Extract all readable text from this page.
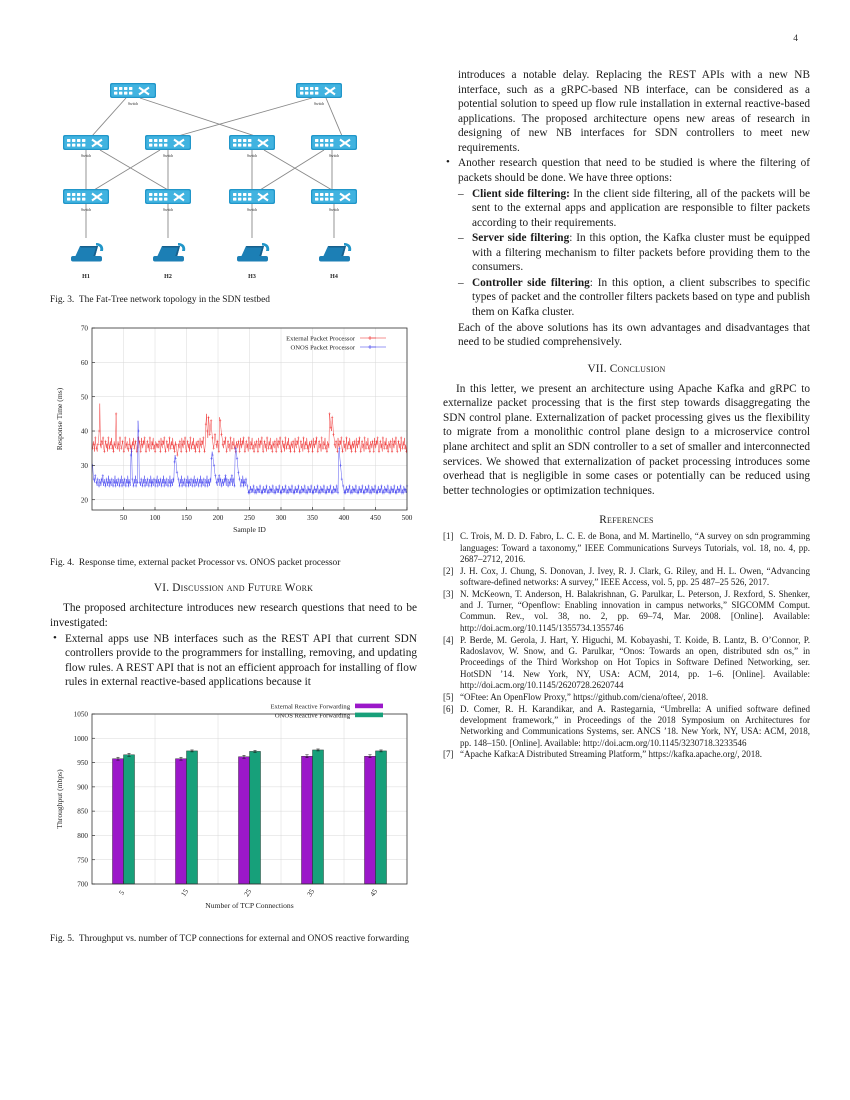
4
Switch	Switch
Switch	Switch	Switch	Switch
Switch	Switch	Switch	Switch
H1	H2	H3	H4
Fig. 3. The Fat-Tree network topology in the SDN testbed
20
30
40
50
60
70
50	100	150	200	250	300	350	400	450	500
Sample ID
Response Time (ms)
External Packet Processor
ONOS Packet Processor
Fig. 4. Response time, external packet Processor vs. ONOS packet processor
VI. Discussion and Future Work

The proposed architecture introduces new research questions that need to be investigated:

• External apps use NB interfaces such as the REST API that current SDN controllers provide to the programmers for installing, removing, and updating flow rules. A REST API that is not an efficient approach for installing of flow rules in external reactive-based applications because it
700
750
800
850
900
950
1000
1050
5	15	25	35	45
Number of TCP Connections
Throughput (mbps)
External Reactive Forwarding
ONOS Reactive Forwarding
Fig. 5. Throughput vs. number of TCP connections for external and ONOS reactive forwarding

introduces a notable delay. Replacing the REST APIs with a new NB interface, such as a gRPC-based NB interface, can be considered as a potential solution to speed up flow rule installation in external reactive-based applications. The proposed architecture opens new areas of research in designing of new NB interfaces for SDN controllers to meet new requirements.

• Another research question that need to be studied is where the filtering of packets should be done. We have three options:
– Client side filtering: In the client side filtering, all of the packets will be sent to the external apps and application are responsible to filter packets according to their requirements.
– Server side filtering: In this option, the Kafka cluster must be equipped with a filtering mechanism to filter packets before providing them to the consumers.
– Controller side filtering: In this option, a client subscribes to specific types of packet and the controller filters packets based on type and publish them on Kafka cluster.

Each of the above solutions has its own advantages and disadvantages that need to be studied comprehensively.

VII. Conclusion

In this letter, we present an architecture using Apache Kafka and gRPC to externalize packet processing that is the first step towards disaggregating the SDN control plane. Externalization of packet processing gives us the flexibility to migrate from a monolithic control plane design to a microservice control plane architect and split an SDN controller to a set of smaller and interconnected services. We showed that externalization of packet processing introduces some overhead that is negligible in some cases or potentially can be reduced using better technologies or optimization techniques.

References
[1] C. Trois, M. D. D. Fabro, L. C. E. de Bona, and M. Martinello, “A survey on sdn programming languages: Toward a taxonomy,” IEEE Communications Surveys Tutorials, vol. 18, no. 4, pp. 2687–2712, 2016.
[2] J. H. Cox, J. Chung, S. Donovan, J. Ivey, R. J. Clark, G. Riley, and H. L. Owen, “Advancing software-defined networks: A survey,” IEEE Access, vol. 5, pp. 25 487–25 526, 2017.
[3] N. McKeown, T. Anderson, H. Balakrishnan, G. Parulkar, L. Peterson, J. Rexford, S. Shenker, and J. Turner, “Openflow: Enabling innovation in campus networks,” SIGCOMM Comput. Commun. Rev., vol. 38, no. 2, pp. 69–74, Mar. 2008. [Online]. Available: http://doi.acm.org/10.1145/1355734.1355746
[4] P. Berde, M. Gerola, J. Hart, Y. Higuchi, M. Kobayashi, T. Koide, B. Lantz, B. O’Connor, P. Radoslavov, W. Snow, and G. Parulkar, “Onos: Towards an open, distributed sdn os,” in Proceedings of the Third Workshop on Hot Topics in Software Defined Networking, ser. HotSDN ’14. New York, NY, USA: ACM, 2014, pp. 1–6. [Online]. Available: http://doi.acm.org/10.1145/2620728.2620744
[5] “OFtee: An OpenFlow Proxy,” https://github.com/ciena/oftee/, 2018.
[6] D. Comer, R. H. Karandikar, and A. Rastegarnia, “Umbrella: A unified software defined development framework,” in Proceedings of the 2018 Symposium on Architectures for Networking and Communications Systems, ser. ANCS ’18. New York, NY, USA: ACM, 2018, pp. 148–150. [Online]. Available: http://doi.acm.org/10.1145/3230718.3233546
[7] “Apache Kafka:A Distributed Streaming Platform,” https://kafka.apache.org/, 2018.
